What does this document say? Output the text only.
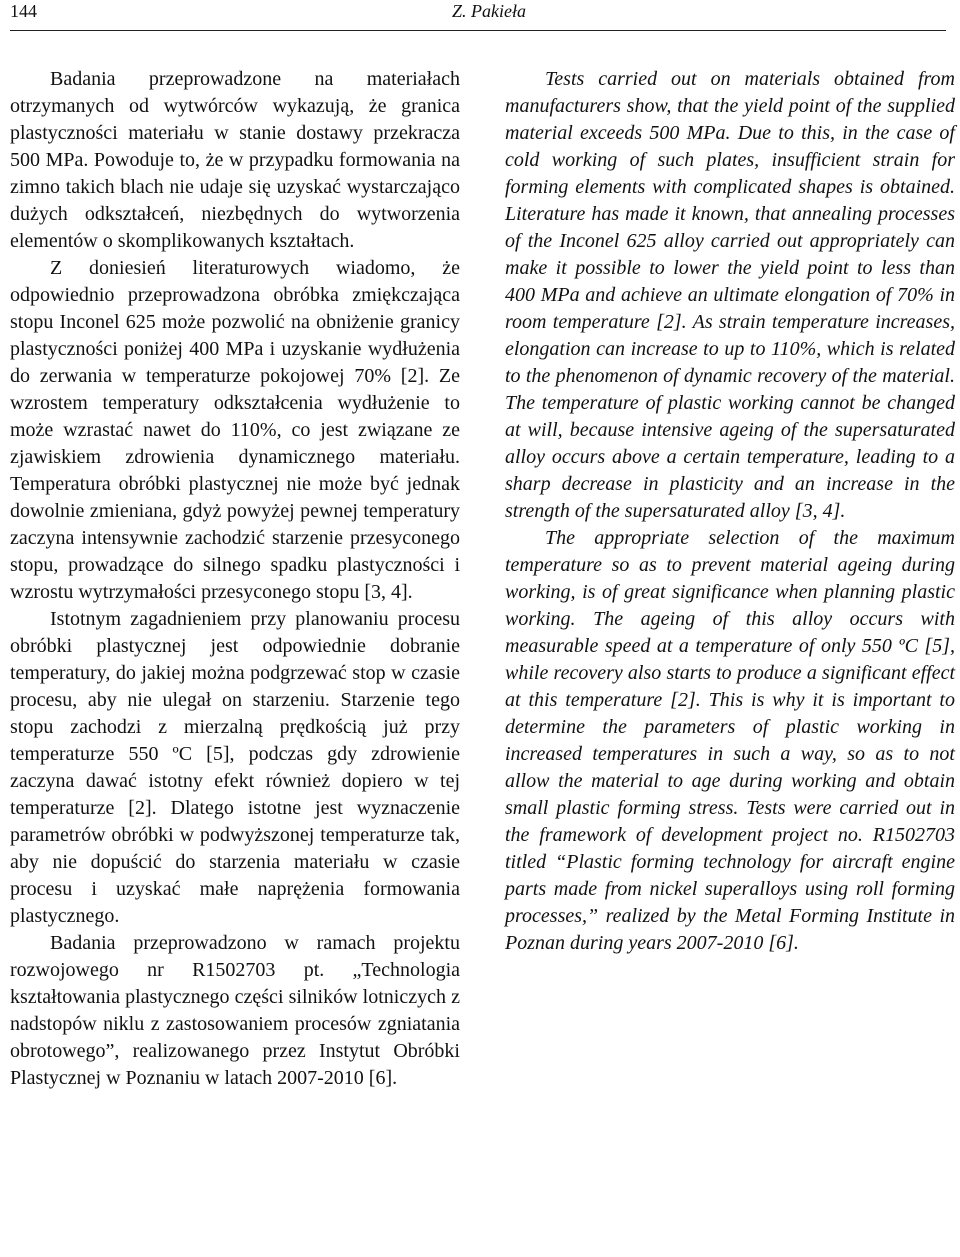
144	Z. Pakieła

Badania przeprowadzone na materiałach otrzymanych od wytwórców wykazują, że granica plastyczności materiału w stanie dostawy przekracza 500 MPa. Powoduje to, że w przypadku formowania na zimno takich blach nie udaje się uzyskać wystarczająco dużych odkształceń, niezbędnych do wytworzenia elementów o skomplikowanych kształtach.

Z doniesień literaturowych wiadomo, że odpowiednio przeprowadzona obróbka zmiękczająca stopu Inconel 625 może pozwolić na obniżenie granicy plastyczności poniżej 400 MPa i uzyskanie wydłużenia do zerwania w temperaturze pokojowej 70% [2]. Ze wzrostem temperatury odkształcenia wydłużenie to może wzrastać nawet do 110%, co jest związane ze zjawiskiem zdrowienia dynamicznego materiału. Temperatura obróbki plastycznej nie może być jednak dowolnie zmieniana, gdyż powyżej pewnej temperatury zaczyna intensywnie zachodzić starzenie przesyconego stopu, prowadzące do silnego spadku plastyczności i wzrostu wytrzymałości przesyconego stopu [3, 4].

Istotnym zagadnieniem przy planowaniu procesu obróbki plastycznej jest odpowiednie dobranie temperatury, do jakiej można podgrzewać stop w czasie procesu, aby nie ulegał on starzeniu. Starzenie tego stopu zachodzi z mierzalną prędkością już przy temperaturze 550 ºC [5], podczas gdy zdrowienie zaczyna dawać istotny efekt również dopiero w tej temperaturze [2]. Dlatego istotne jest wyznaczenie parametrów obróbki w podwyższonej temperaturze tak, aby nie dopuścić do starzenia materiału w czasie procesu i uzyskać małe naprężenia formowania plastycznego.

Badania przeprowadzono w ramach projektu rozwojowego nr R1502703 pt. „Technologia kształtowania plastycznego części silników lotniczych z nadstopów niklu z zastosowaniem procesów zgniatania obrotowego”, realizowanego przez Instytut Obróbki Plastycznej w Poznaniu w latach 2007-2010 [6].

Tests carried out on materials obtained from manufacturers show, that the yield point of the supplied material exceeds 500 MPa. Due to this, in the case of cold working of such plates, insufficient strain for forming elements with complicated shapes is obtained. Literature has made it known, that annealing processes of the Inconel 625 alloy carried out appropriately can make it possible to lower the yield point to less than 400 MPa and achieve an ultimate elongation of 70% in room temperature [2]. As strain temperature increases, elongation can increase to up to 110%, which is related to the phenomenon of dynamic recovery of the material. The temperature of plastic working cannot be changed at will, because intensive ageing of the supersaturated alloy occurs above a certain temperature, leading to a sharp decrease in plasticity and an increase in the strength of the supersaturated alloy [3, 4].

The appropriate selection of the maximum temperature so as to prevent material ageing during working, is of great significance when planning plastic working. The ageing of this alloy occurs with measurable speed at a temperature of only 550 ºC [5], while recovery also starts to produce a significant effect at this temperature [2]. This is why it is important to determine the parameters of plastic working in increased temperatures in such a way, so as to not allow the material to age during working and obtain small plastic forming stress. Tests were carried out in the framework of development project no. R1502703 titled “Plastic forming technology for aircraft engine parts made from nickel superalloys using roll forming processes,” realized by the Metal Forming Institute in Poznan during years 2007-2010 [6].
